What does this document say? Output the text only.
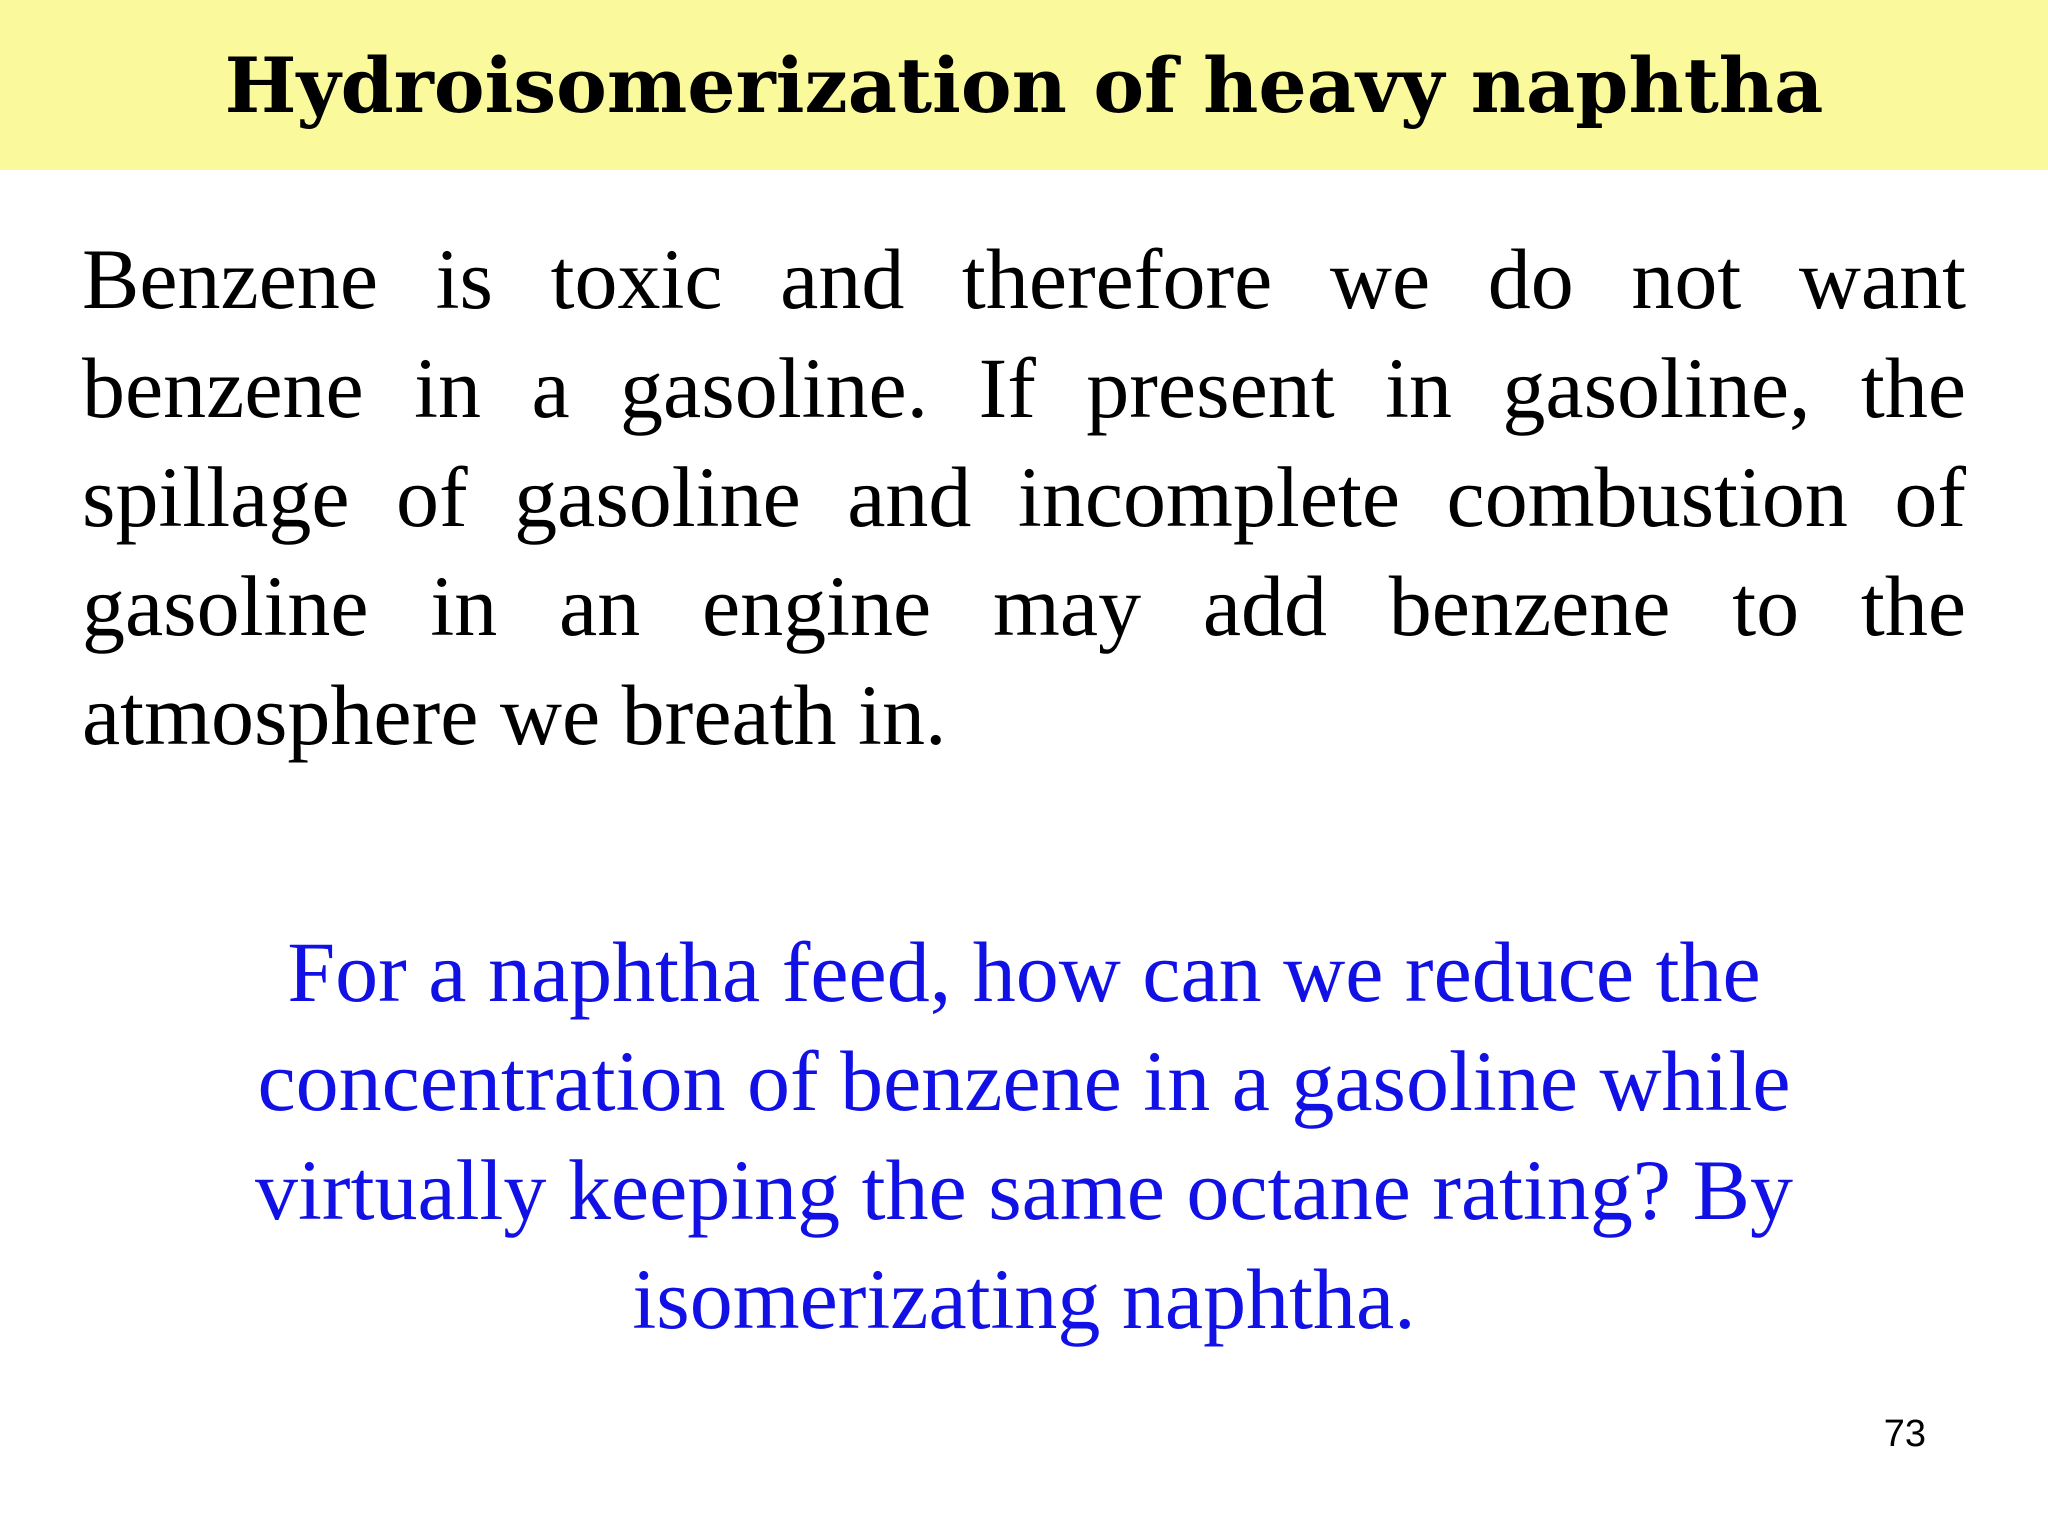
Hydroisomerization of heavy naphtha

Benzene is toxic and therefore we do not want benzene in a gasoline. If present in gasoline, the spillage of gasoline and incomplete combustion of gasoline in an engine may add benzene to the atmosphere we breath in.

For a naphtha feed, how can we reduce the concentration of benzene in a gasoline while virtually keeping the same octane rating? By isomerizating naphtha.

73
